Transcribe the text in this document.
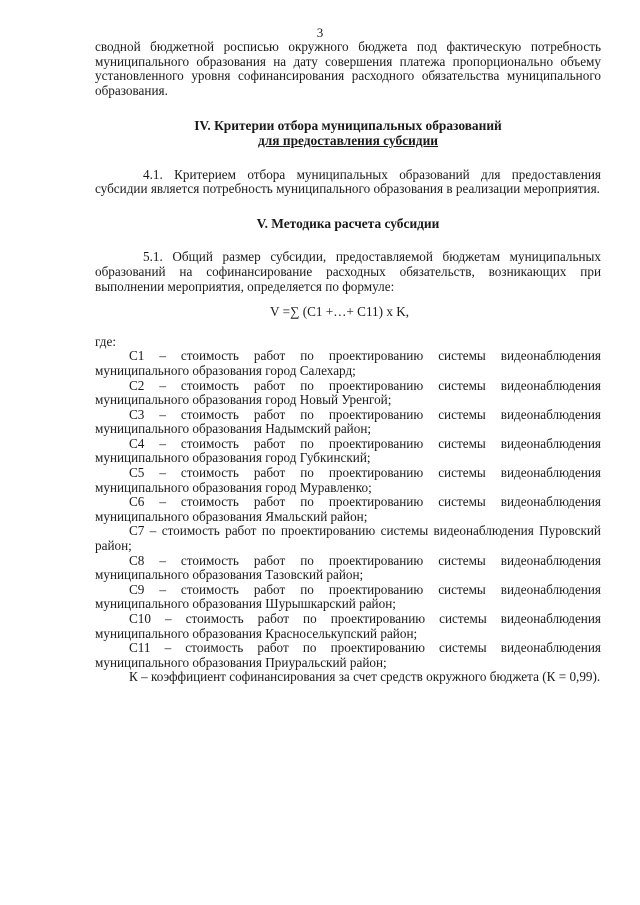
3

сводной бюджетной росписью окружного бюджета под фактическую потребность муниципального образования на дату совершения платежа пропорционально объему установленного уровня софинансирования расходного обязательства муниципального образования.

IV. Критерии отбора муниципальных образований
для предоставления субсидии

4.1. Критерием отбора муниципальных образований для предоставления субсидии является потребность муниципального образования в реализации мероприятия.

V. Методика расчета субсидии

5.1. Общий размер субсидии, предоставляемой бюджетам муниципальных образований на софинансирование расходных обязательств, возникающих при выполнении мероприятия, определяется по формуле:

V =∑ (C1 +…+ C11) x K,

где:

С1 – стоимость работ по проектированию системы видеонаблюдения муниципального образования город Салехард;

С2 – стоимость работ по проектированию системы видеонаблюдения муниципального образования город Новый Уренгой;

С3 – стоимость работ по проектированию системы видеонаблюдения муниципального образования Надымский район;

С4 – стоимость работ по проектированию системы видеонаблюдения муниципального образования город Губкинский;

С5 – стоимость работ по проектированию системы видеонаблюдения муниципального образования город Муравленко;

С6 – стоимость работ по проектированию системы видеонаблюдения муниципального образования Ямальский район;

С7 – стоимость работ по проектированию системы видеонаблюдения Пуровский район;

С8 – стоимость работ по проектированию системы видеонаблюдения муниципального образования Тазовский район;

С9 – стоимость работ по проектированию системы видеонаблюдения муниципального образования Шурышкарский район;

С10 – стоимость работ по проектированию системы видеонаблюдения муниципального образования Красноселькупский район;

С11 – стоимость работ по проектированию системы видеонаблюдения муниципального образования Приуральский район;

К – коэффициент софинансирования за счет средств окружного бюджета (К = 0,99).
